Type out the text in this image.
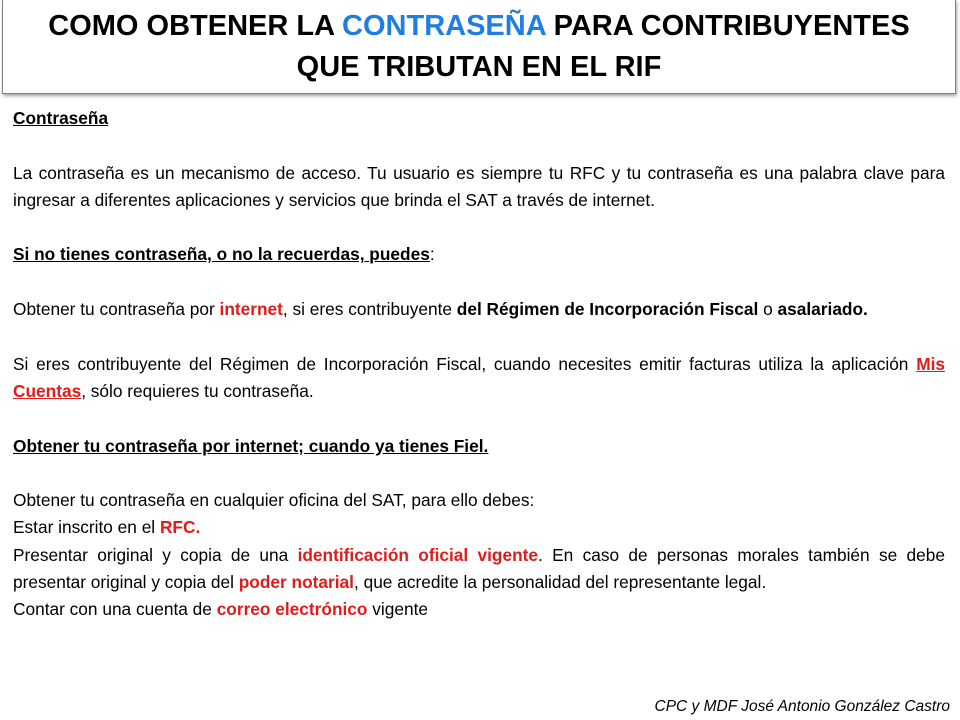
COMO OBTENER LA CONTRASEÑA PARA CONTRIBUYENTES
QUE TRIBUTAN EN EL RIF

Contraseña

La contraseña es un mecanismo de acceso. Tu usuario es siempre tu RFC y tu contraseña es una palabra clave para ingresar a diferentes aplicaciones y servicios que brinda el SAT a través de internet.

Si no tienes contraseña, o no la recuerdas, puedes:

Obtener tu contraseña por internet, si eres contribuyente del Régimen de Incorporación Fiscal o asalariado.

Si eres contribuyente del Régimen de Incorporación Fiscal, cuando necesites emitir facturas utiliza la aplicación Mis Cuentas, sólo requieres tu contraseña.

Obtener tu contraseña por internet; cuando ya tienes Fiel.

Obtener tu contraseña en cualquier oficina del SAT, para ello debes:

Estar inscrito en el RFC.

Presentar original y copia de una identificación oficial vigente. En caso de personas morales también se debe presentar original y copia del poder notarial, que acredite la personalidad del representante legal.

Contar con una cuenta de correo electrónico vigente

CPC y MDF José Antonio González Castro
